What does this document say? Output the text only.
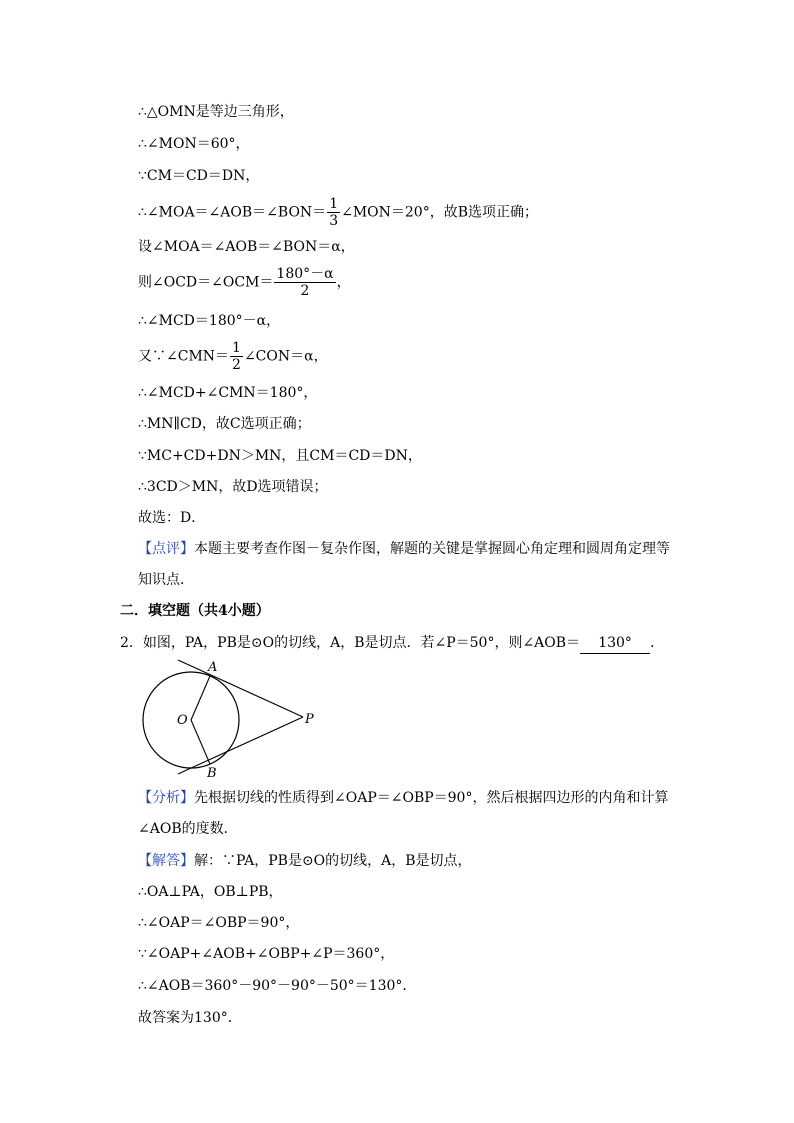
∴△OMN是等边三角形，
∴∠MON＝60°，
∵CM＝CD＝DN，
∴∠MOA＝∠AOB＝∠BON＝ $\frac{1}{3}$ ∠MON＝20°，故B选项正确；
设∠MOA＝∠AOB＝∠BON＝α，
则∠OCD＝∠OCM＝ $\frac{180^\circ-\alpha}{2}$ ，
∴∠MCD＝180°－α，
又∵∠CMN＝ $\frac{1}{2}$ ∠CON＝α，
∴∠MCD+∠CMN＝180°，
∴MN∥CD，故C选项正确；
∵MC+CD+DN＞MN，且CM＝CD＝DN，
∴3CD＞MN，故D选项错误；
故选：D．
【点评】本题主要考查作图－复杂作图，解题的关键是掌握圆心角定理和圆周角定理等
知识点．
二．填空题（共4小题）
2．如图，PA，PB是⊙O的切线，A，B是切点．若∠P＝50°，则∠AOB＝ 130° ．
A
B
O	P
【分析】先根据切线的性质得到∠OAP＝∠OBP＝90°，然后根据四边形的内角和计算
∠AOB的度数．
【解答】解：∵PA，PB是⊙O的切线，A，B是切点，
∴OA⊥PA，OB⊥PB，
∴∠OAP＝∠OBP＝90°，
∵∠OAP+∠AOB+∠OBP+∠P＝360°，
∴∠AOB＝360°－90°－90°－50°＝130°．
故答案为130°．
